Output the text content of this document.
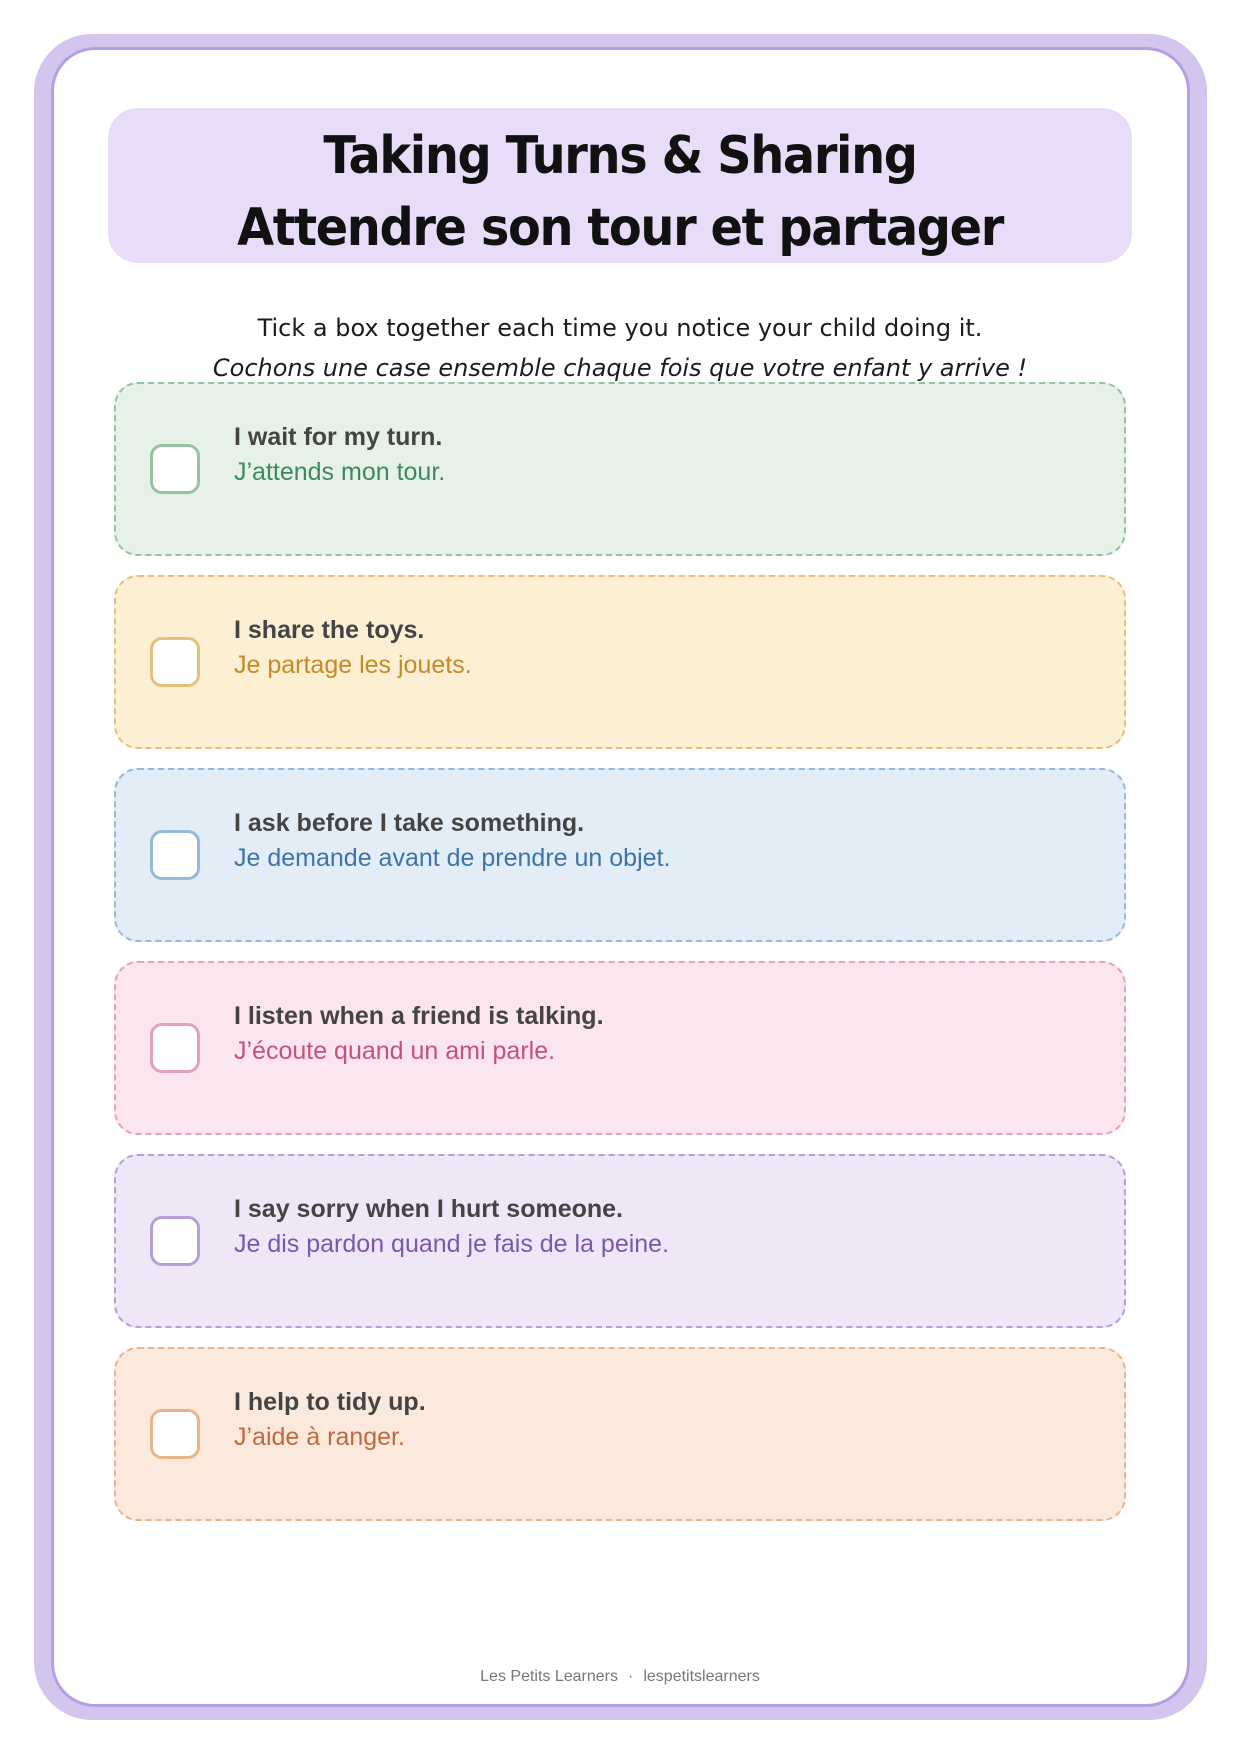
Taking Turns & Sharing
Attendre son tour et partager
Tick a box together each time you notice your child doing it.
Cochons une case ensemble chaque fois que votre enfant y arrive !
I wait for my turn.
J’attends mon tour.
I share the toys.
Je partage les jouets.
I ask before I take something.
Je demande avant de prendre un objet.
I listen when a friend is talking.
J’écoute quand un ami parle.
I say sorry when I hurt someone.
Je dis pardon quand je fais de la peine.
I help to tidy up.
J’aide à ranger.
Les Petits Learners · lespetitslearners
